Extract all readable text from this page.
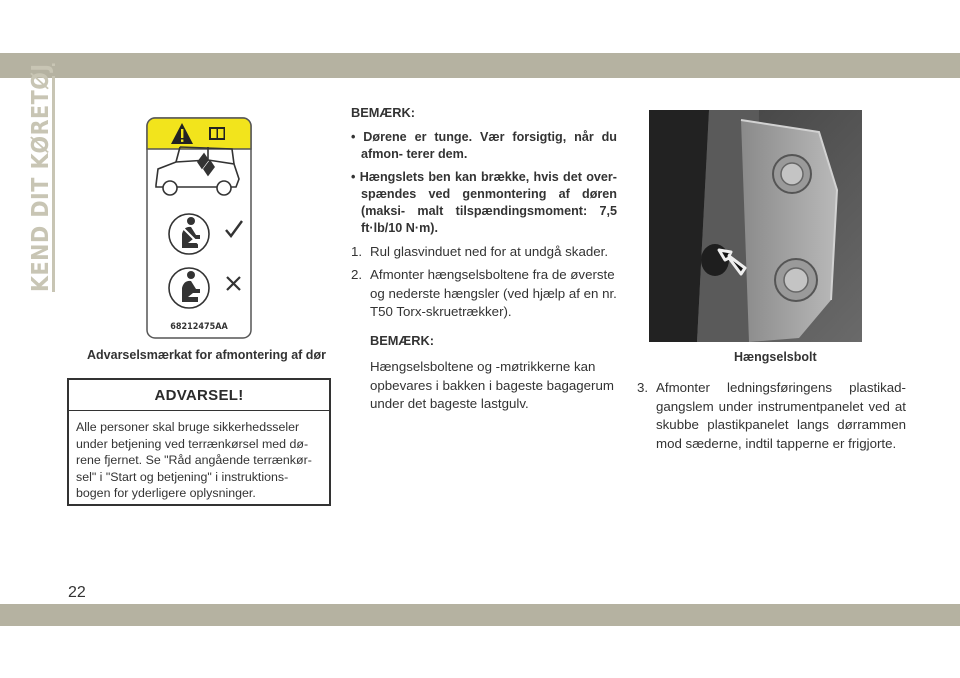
KEND DIT KØRETØJ
68212475AA
Advarselsmærkat for afmontering af dør
ADVARSEL!
Alle personer skal bruge sikkerhedsseler
under betjening ved terrænkørsel med dø-
rene fjernet. Se "Råd angående terrænkør-
sel" i "Start og betjening" i instruktions-
bogen for yderligere oplysninger.
BEMÆRK:
• Dørene er tunge. Vær forsigtig, når du afmon- terer dem.
• Hængslets ben kan brække, hvis det over- spændes ved genmontering af døren (maksi- malt tilspændingsmoment: 7,5 ft·lb/10 N·m).
1. Rul glasvinduet ned for at undgå skader.
2. Afmonter hængselsboltene fra de øverste og nederste hængsler (ved hjælp af en nr. T50 Torx-skruetrækker).
BEMÆRK:
Hængselsboltene og -møtrikkerne kan opbevares i bakken i bageste bagagerum under det bageste lastgulv.
Hængselsbolt
3. Afmonter ledningsføringens plastikad- gangslem under instrumentpanelet ved at skubbe plastikpanelet langs dørrammen mod sæderne, indtil tapperne er frigjorte.
22
